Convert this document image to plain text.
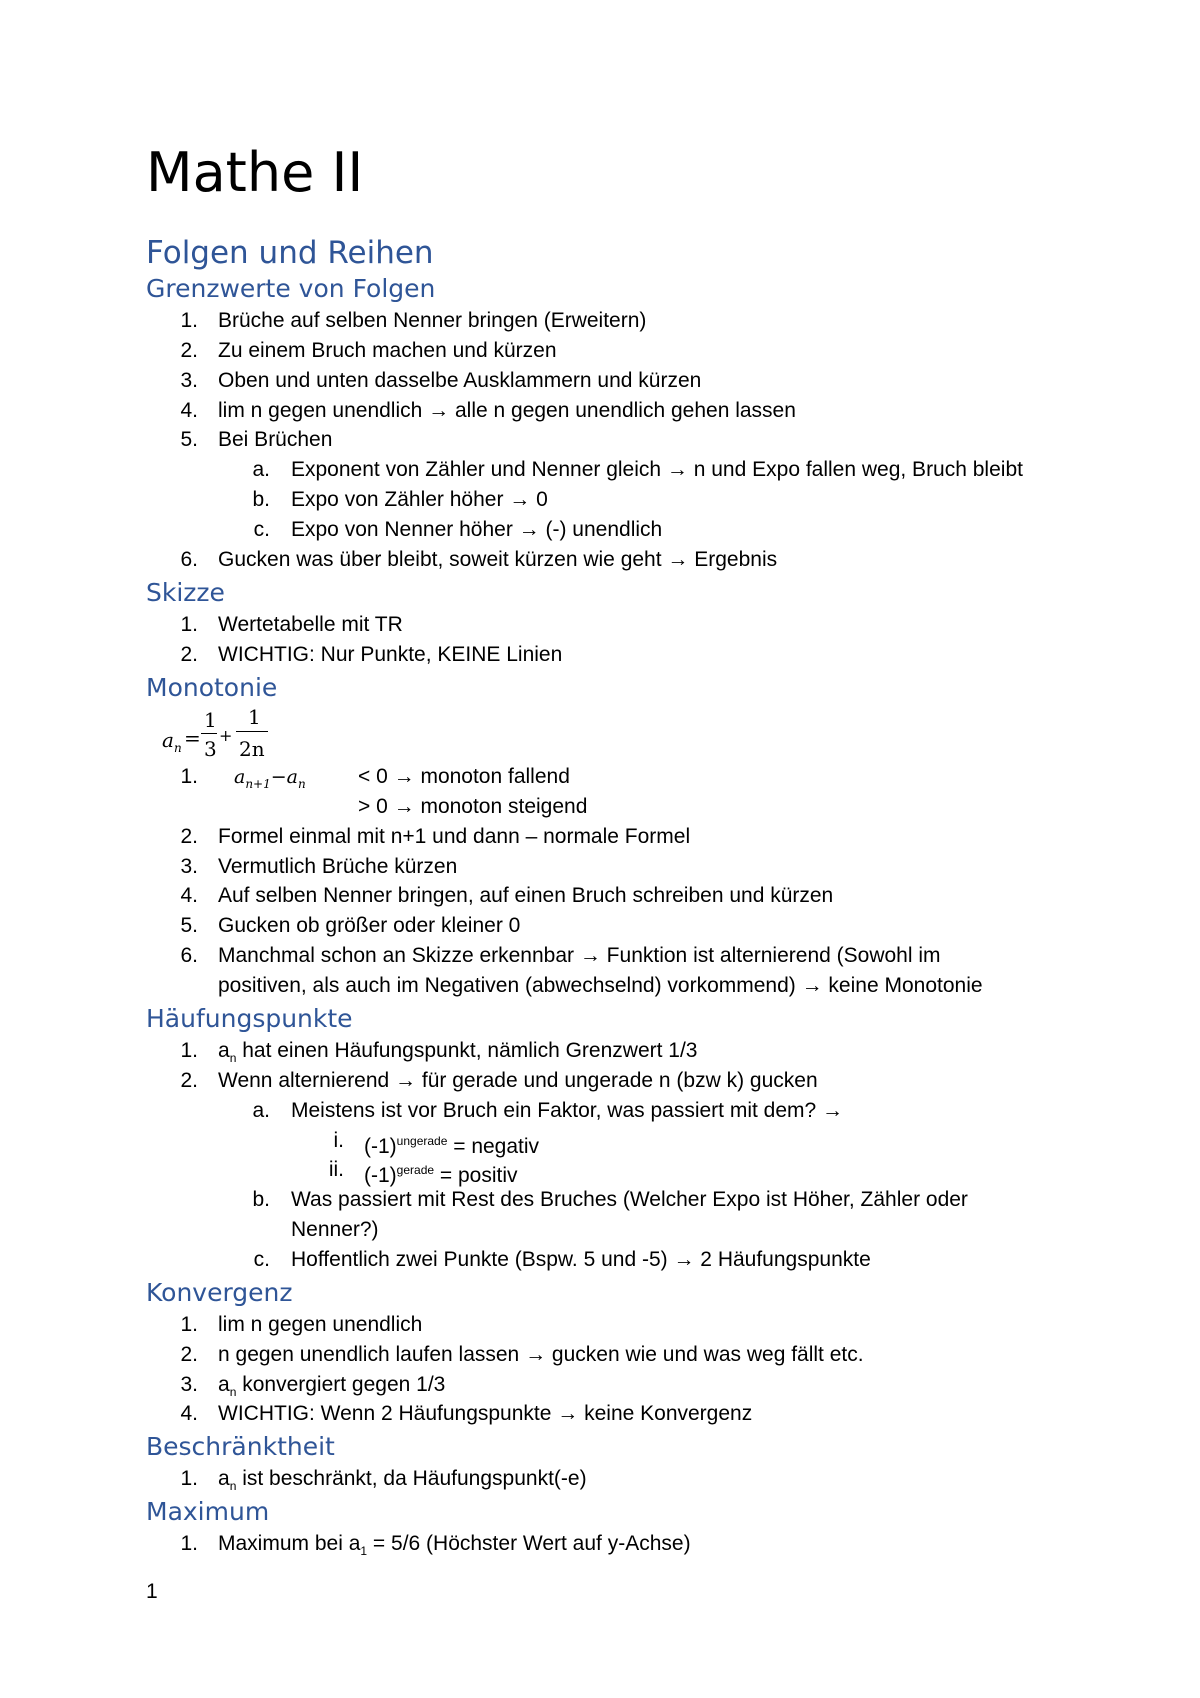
Mathe II
Folgen und Reihen
Grenzwerte von Folgen
1. Brüche auf selben Nenner bringen (Erweitern)
2. Zu einem Bruch machen und kürzen
3. Oben und unten dasselbe Ausklammern und kürzen
4. lim n gegen unendlich → alle n gegen unendlich gehen lassen
5. Bei Brüchen
a. Exponent von Zähler und Nenner gleich → n und Expo fallen weg, Bruch bleibt
b. Expo von Zähler höher → 0
c. Expo von Nenner höher → (-) unendlich
6. Gucken was über bleibt, soweit kürzen wie geht → Ergebnis
Skizze
1. Wertetabelle mit TR
2. WICHTIG: Nur Punkte, KEINE Linien
Monotonie
$a_n$ =
1
3
+
1
2n
1. $a_{n+1}-a_n < 0$ → monoton fallend
> 0 → monoton steigend
2. Formel einmal mit n+1 und dann – normale Formel
3. Vermutlich Brüche kürzen
4. Auf selben Nenner bringen, auf einen Bruch schreiben und kürzen
5. Gucken ob größer oder kleiner 0
6. Manchmal schon an Skizze erkennbar → Funktion ist alternierend (Sowohl im
positiven, als auch im Negativen (abwechselnd) vorkommend) → keine Monotonie
Häufungspunkte
1. $a_n$ hat einen Häufungspunkt, nämlich Grenzwert 1/3
2. Wenn alternierend → für gerade und ungerade n (bzw k) gucken
a. Meistens ist vor Bruch ein Faktor, was passiert mit dem? →
i. $(-1)^{ungerade}$ = negativ
ii. $(-1)^{gerade}$ = positiv
b. Was passiert mit Rest des Bruches (Welcher Expo ist Höher, Zähler oder
Nenner?)
c. Hoffentlich zwei Punkte (Bspw. 5 und -5) → 2 Häufungspunkte
Konvergenz
1. lim n gegen unendlich
2. n gegen unendlich laufen lassen → gucken wie und was weg fällt etc.
3. $a_n$ konvergiert gegen 1/3
4. WICHTIG: Wenn 2 Häufungspunkte → keine Konvergenz
Beschränktheit
1. $a_n$ ist beschränkt, da Häufungspunkt(-e)
Maximum
1. Maximum bei $a_1 = 5/6$ (Höchster Wert auf y-Achse)
1
